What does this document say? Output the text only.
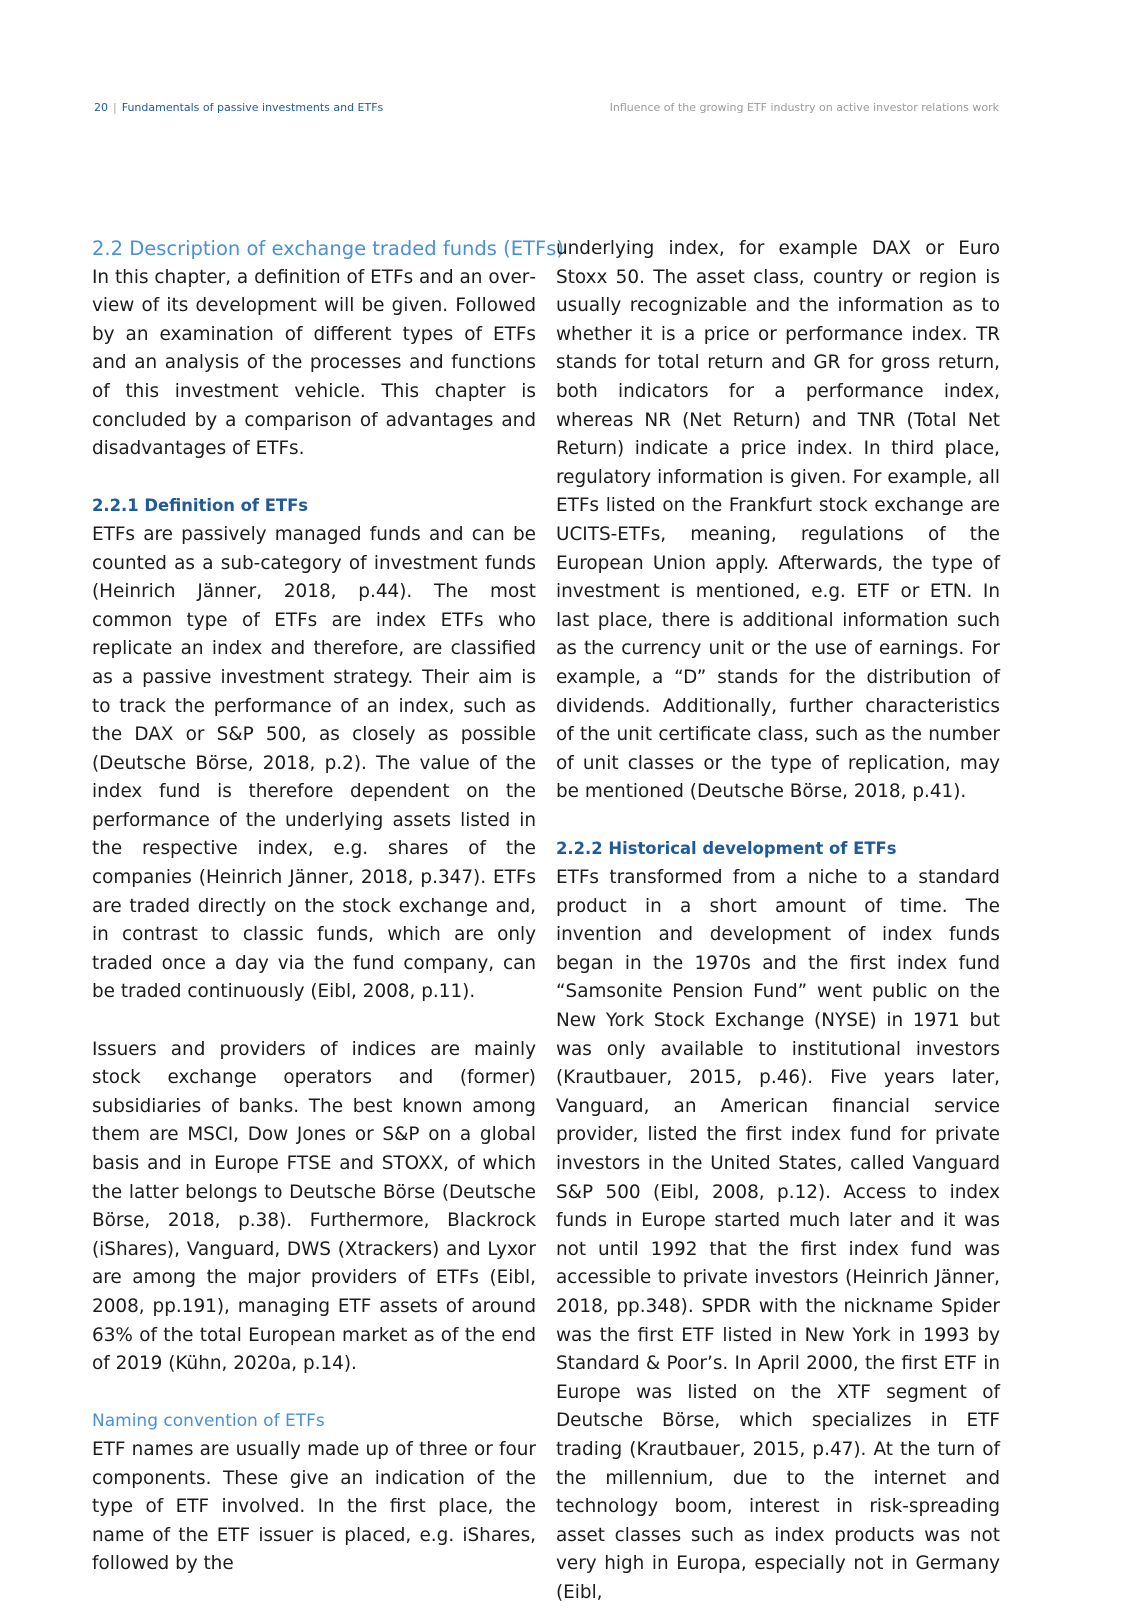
20 | Fundamentals of passive investments and ETFs	Influence of the growing ETF industry on active investor relations work
2.2 Description of exchange traded funds (ETFs)

In this chapter, a definition of ETFs and an overview of its development will be given. Followed by an examination of different types of ETFs and an analysis of the processes and functions of this investment vehicle. This chapter is concluded by a comparison of advantages and disadvantages of ETFs.

2.2.1 Definition of ETFs

ETFs are passively managed funds and can be counted as a sub-category of investment funds (Heinrich Jänner, 2018, p.44). The most common type of ETFs are index ETFs who replicate an index and therefore, are classified as a passive investment strategy. Their aim is to track the performance of an index, such as the DAX or S&P 500, as closely as possible (Deutsche Börse, 2018, p.2). The value of the index fund is therefore dependent on the performance of the underlying assets listed in the respective index, e.g. shares of the companies (Heinrich Jänner, 2018, p.347). ETFs are traded directly on the stock exchange and, in contrast to classic funds, which are only traded once a day via the fund company, can be traded continuously (Eibl, 2008, p.11).

Issuers and providers of indices are mainly stock exchange operators and (former) subsidiaries of banks. The best known among them are MSCI, Dow Jones or S&P on a global basis and in Europe FTSE and STOXX, of which the latter belongs to Deutsche Börse (Deutsche Börse, 2018, p.38). Furthermore, Blackrock (iShares), Vanguard, DWS (Xtrackers) and Lyxor are among the major providers of ETFs (Eibl, 2008, pp.191), managing ETF assets of around 63% of the total European market as of the end of 2019 (Kühn, 2020a, p.14).

Naming convention of ETFs

ETF names are usually made up of three or four components. These give an indication of the type of ETF involved. In the first place, the name of the ETF issuer is placed, e.g. iShares, followed by the

underlying index, for example DAX or Euro Stoxx 50. The asset class, country or region is usually recognizable and the information as to whether it is a price or performance index. TR stands for total return and GR for gross return, both indicators for a performance index, whereas NR (Net Return) and TNR (Total Net Return) indicate a price index. In third place, regulatory information is given. For example, all ETFs listed on the Frankfurt stock exchange are UCITS-ETFs, meaning, regulations of the European Union apply. Afterwards, the type of investment is mentioned, e.g. ETF or ETN. In last place, there is additional information such as the currency unit or the use of earnings. For example, a “D” stands for the distribution of dividends. Additionally, further characteristics of the unit certificate class, such as the number of unit classes or the type of replication, may be mentioned (Deutsche Börse, 2018, p.41).

2.2.2 Historical development of ETFs

ETFs transformed from a niche to a standard product in a short amount of time. The invention and development of index funds began in the 1970s and the first index fund “Samsonite Pension Fund” went public on the New York Stock Exchange (NYSE) in 1971 but was only available to institutional investors (Krautbauer, 2015, p.46). Five years later, Vanguard, an American financial service provider, listed the first index fund for private investors in the United States, called Vanguard S&P 500 (Eibl, 2008, p.12). Access to index funds in Europe started much later and it was not until 1992 that the first index fund was accessible to private investors (Heinrich Jänner, 2018, pp.348). SPDR with the nickname Spider was the first ETF listed in New York in 1993 by Standard & Poor’s. In April 2000, the first ETF in Europe was listed on the XTF segment of Deutsche Börse, which specializes in ETF trading (Krautbauer, 2015, p.47). At the turn of the millennium, due to the internet and technology boom, interest in risk-spreading asset classes such as index products was not very high in Europa, especially not in Germany (Eibl,
